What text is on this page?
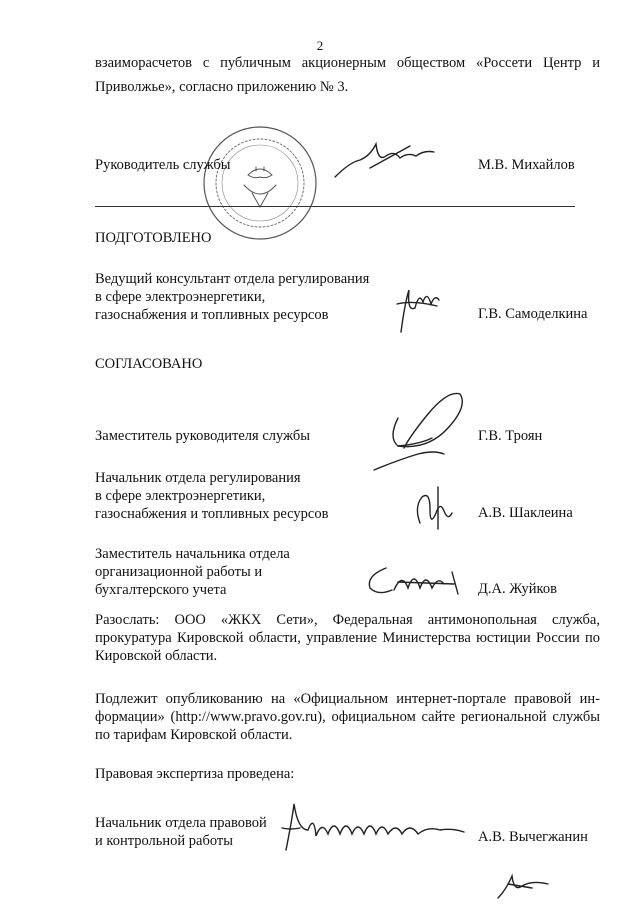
2
взаиморасчетов с публичным акционерным обществом «Россети Центр и
Приволжье», согласно приложению № 3.
Руководитель службы	М.В. Михайлов
ПОДГОТОВЛЕНО
Ведущий консультант отдела регулирования
в сфере электроэнергетики,
газоснабжения и топливных ресурсов	Г.В. Самоделкина
СОГЛАСОВАНО
Заместитель руководителя службы	Г.В. Троян
Начальник отдела регулирования
в сфере электроэнергетики,
газоснабжения и топливных ресурсов	А.В. Шаклеина
Заместитель начальника отдела
организационной работы и
бухгалтерского учета	Д.А. Жуйков
Разослать: ООО «ЖКХ Сети», Федеральная антимонопольная служба,
прокуратура Кировской области, управление Министерства юстиции России по
Кировской области.
Подлежит опубликованию на «Официальном интернет-портале правовой ин-
формации» (http://www.pravo.gov.ru), официальном сайте региональной службы
по тарифам Кировской области.
Правовая экспертиза проведена:
Начальник отдела правовой
и контрольной работы	А.В. Вычегжанин
